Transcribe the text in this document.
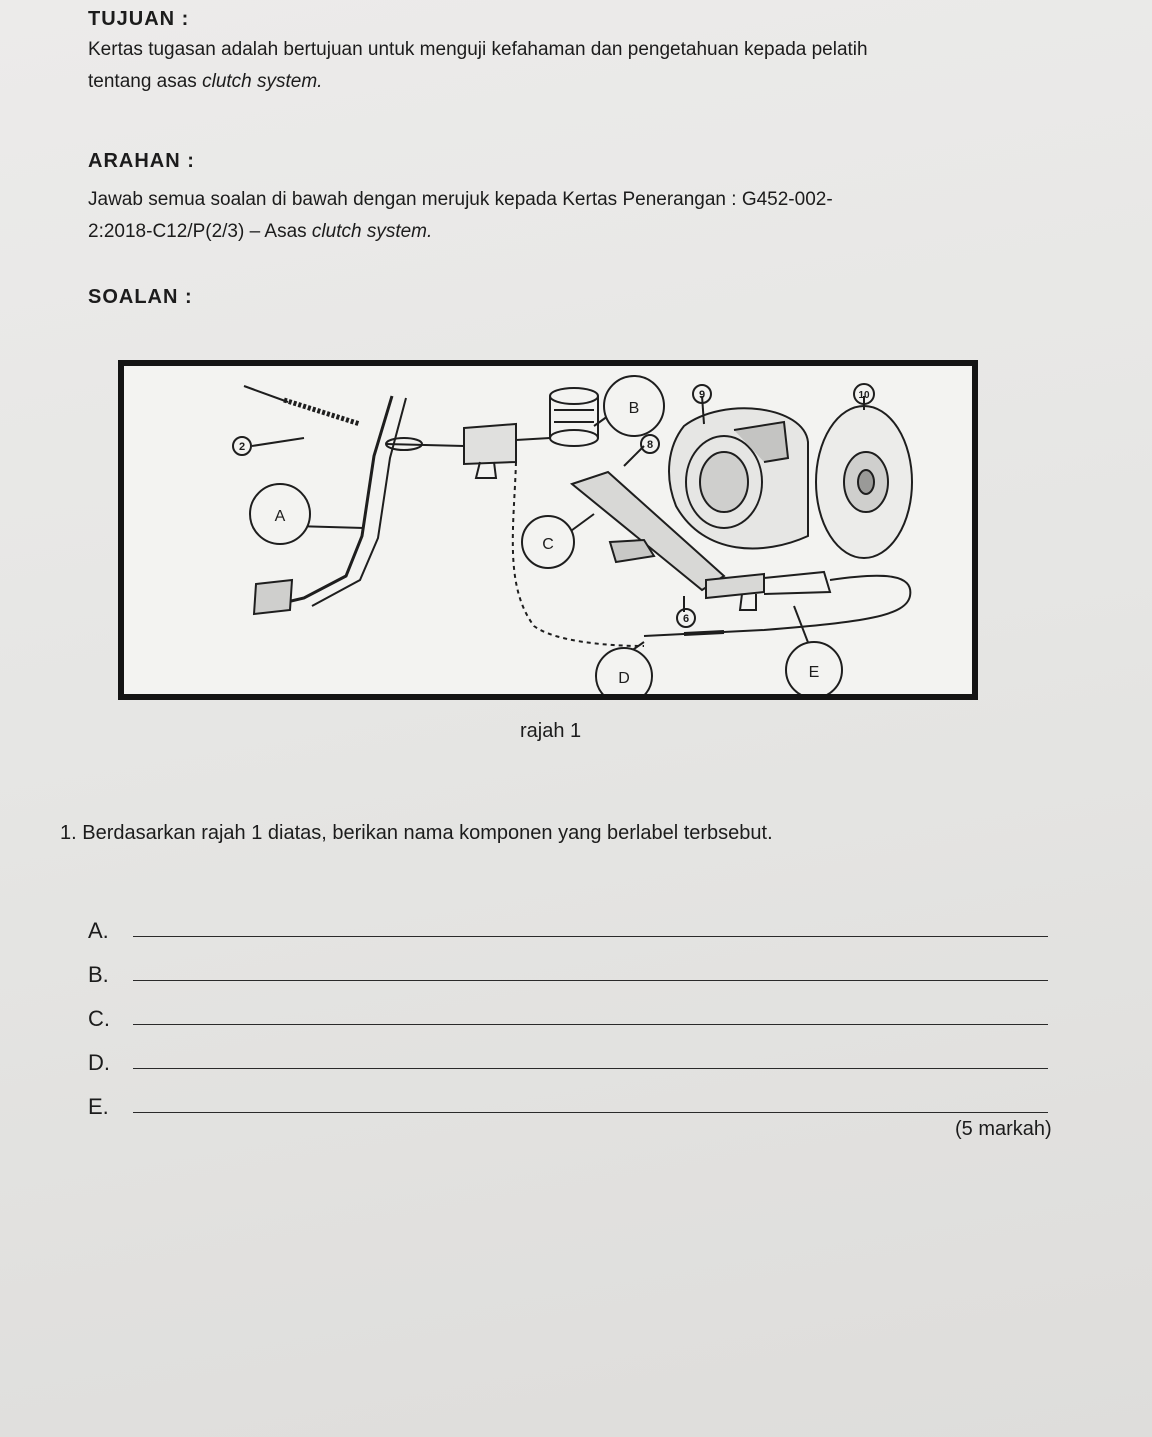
TUJUAN :
Kertas tugasan adalah bertujuan untuk menguji kefahaman dan pengetahuan kepada pelatih
tentang asas clutch system.
ARAHAN :
Jawab semua soalan di bawah dengan merujuk kepada Kertas Penerangan : G452-002-
2:2018-C12/P(2/3) – Asas clutch system.
SOALAN :
A
B
C
D	E
2
6
8
9	10
rajah 1
1. Berdasarkan rajah 1 diatas, berikan nama komponen yang berlabel terbsebut.
A.
B.
C.
D.
E.
(5 markah)
